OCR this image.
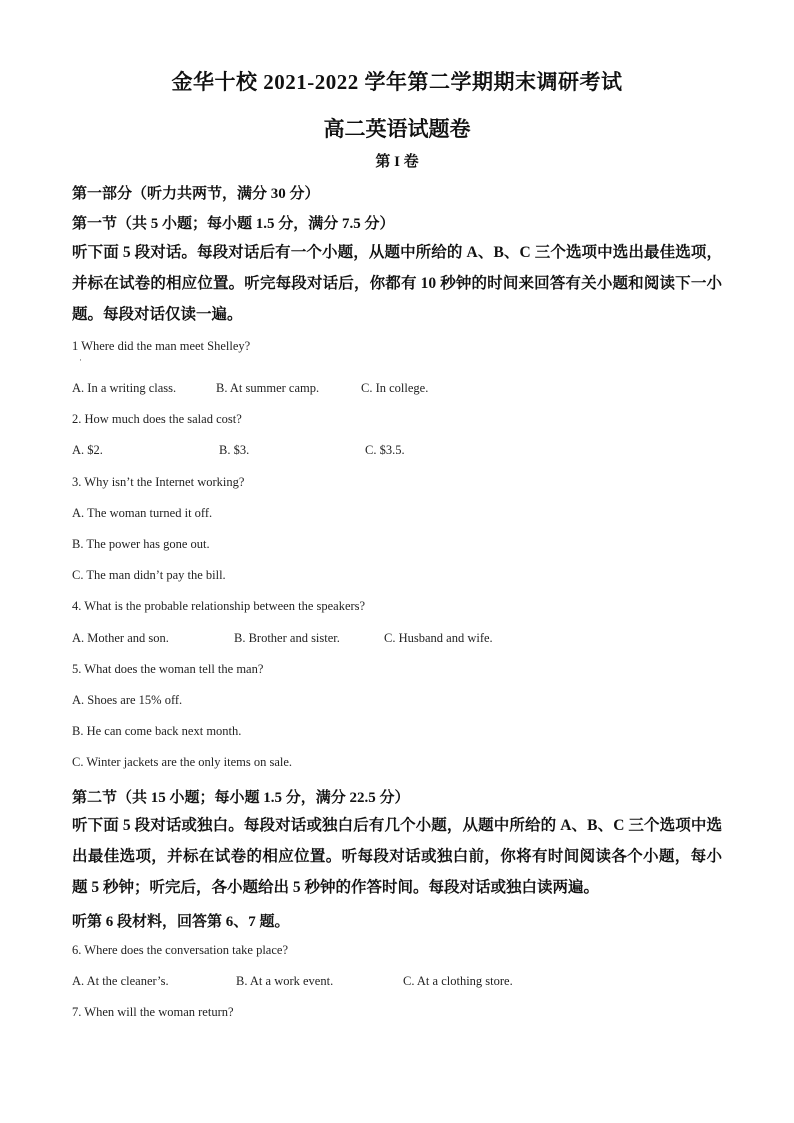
金华十校 2021-2022 学年第二学期期末调研考试
高二英语试题卷
第 I 卷
第一部分（听力共两节，满分 30 分）
第一节（共 5 小题；每小题 1.5 分，满分 7.5 分）
听下面 5 段对话。每段对话后有一个小题，从题中所给的 A、B、C 三个选项中选出最佳选项，并标在试卷的相应位置。听完每段对话后，你都有 10 秒钟的时间来回答有关小题和阅读下一小题。每段对话仅读一遍。
1 Where did the man meet Shelley?
·
A. In a writing class.	B. At summer camp.	C. In college.
2. How much does the salad cost?
A. $2.	B. $3.	C. $3.5.
3. Why isn’t the Internet working?
A. The woman turned it off.
B. The power has gone out.
C. The man didn’t pay the bill.
4. What is the probable relationship between the speakers?
A. Mother and son.	B. Brother and sister.	C. Husband and wife.
5. What does the woman tell the man?
A. Shoes are 15% off.
B. He can come back next month.
C. Winter jackets are the only items on sale.
第二节（共 15 小题；每小题 1.5 分，满分 22.5 分）
听下面 5 段对话或独白。每段对话或独白后有几个小题，从题中所给的 A、B、C 三个选项中选出最佳选项，并标在试卷的相应位置。听每段对话或独白前，你将有时间阅读各个小题，每小题 5 秒钟；听完后，各小题给出 5 秒钟的作答时间。每段对话或独白读两遍。
听第 6 段材料，回答第 6、7 题。
6. Where does the conversation take place?
A. At the cleaner’s.	B. At a work event.	C. At a clothing store.
7. When will the woman return?
